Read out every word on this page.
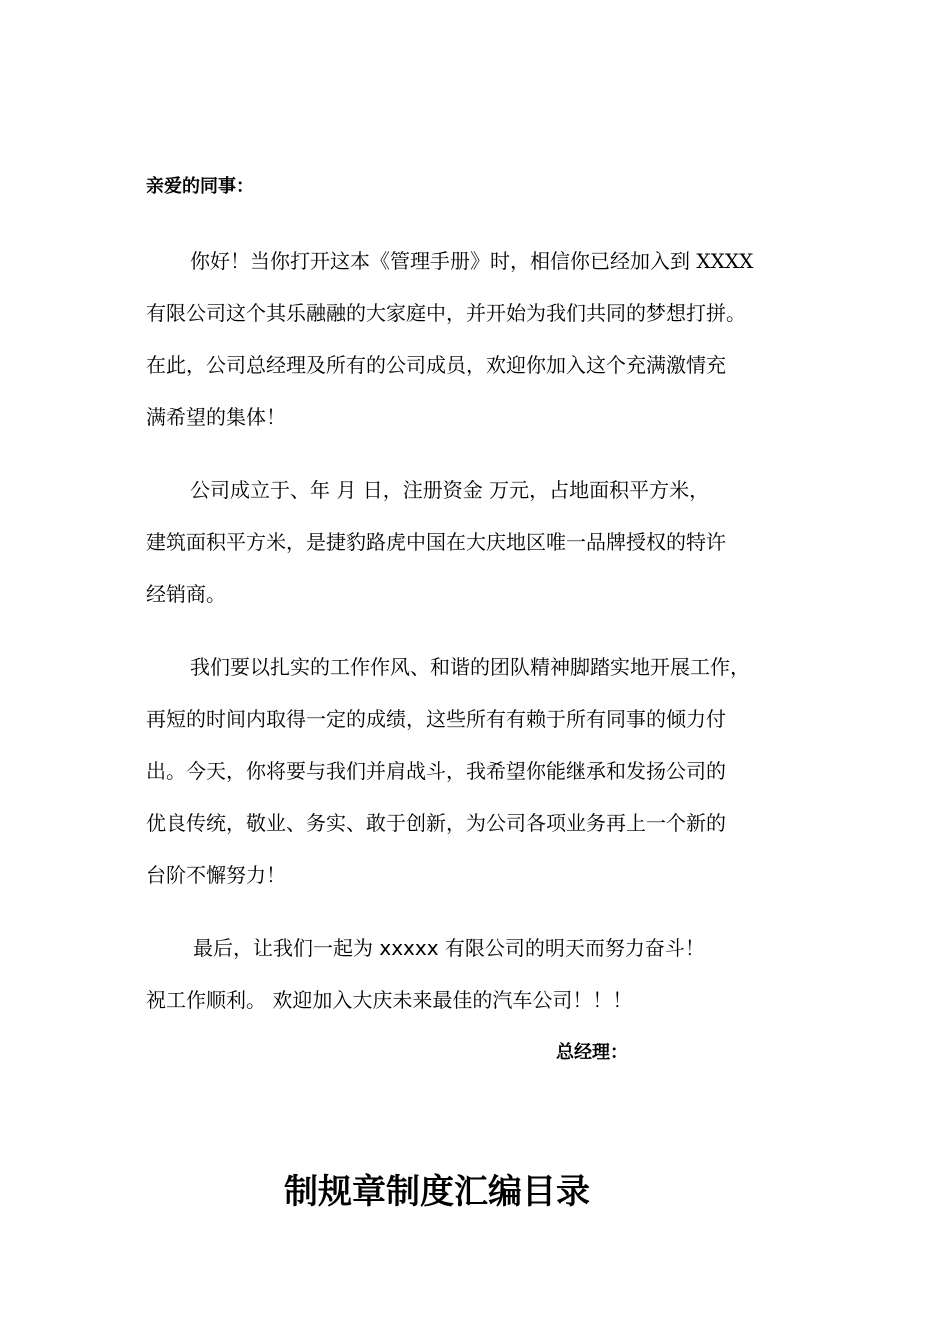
亲爱的同事：
你好！当你打开这本《管理手册》时，相信你已经加入到 XXXX
有限公司这个其乐融融的大家庭中，并开始为我们共同的梦想打拼。
在此，公司总经理及所有的公司成员，欢迎你加入这个充满激情充
满希望的集体！
公司成立于、年 月 日，注册资金 万元，占地面积平方米，
建筑面积平方米，是捷豹路虎中国在大庆地区唯一品牌授权的特许
经销商。
我们要以扎实的工作作风、和谐的团队精神脚踏实地开展工作，
再短的时间内取得一定的成绩，这些所有有赖于所有同事的倾力付
出。今天，你将要与我们并肩战斗，我希望你能继承和发扬公司的
优良传统，敬业、务实、敢于创新，为公司各项业务再上一个新的
台阶不懈努力！
最后，让我们一起为 xxxxx 有限公司的明天而努力奋斗！
祝工作顺利。 欢迎加入大庆未来最佳的汽车公司！！！
总经理：
制规章制度汇编目录
